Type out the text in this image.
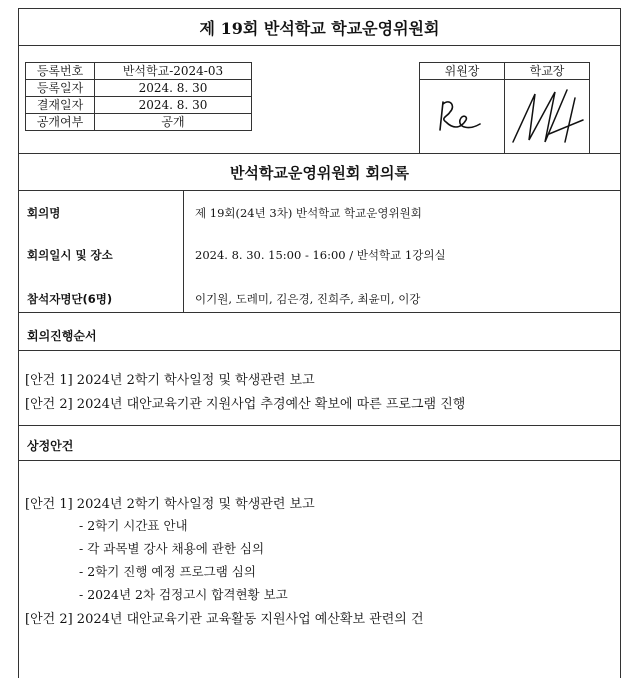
제 19회 반석학교 학교운영위원회
등록번호	반석학교-2024-03
등록일자	2024. 8. 30
결재일자	2024. 8. 30
공개여부	공개
위원장	학교장

반석학교운영위원회 회의록
회의명	제 19회(24년 3차) 반석학교 학교운영위원회
회의일시 및 장소	2024. 8. 30. 15:00 - 16:00 / 반석학교 1강의실
참석자명단(6명)	이기원, 도레미, 김은경, 진희주, 최윤미, 이강
회의진행순서
[안건 1] 2024년 2학기 학사일정 및 학생관련 보고
[안건 2] 2024년 대안교육기관 지원사업 추경예산 확보에 따른 프로그램 진행
상정안건
[안건 1] 2024년 2학기 학사일정 및 학생관련 보고
- 2학기 시간표 안내
- 각 과목별 강사 채용에 관한 심의
- 2학기 진행 예정 프로그램 심의
- 2024년 2차 검정고시 합격현황 보고
[안건 2] 2024년 대안교육기관 교육활동 지원사업 예산확보 관련의 건
